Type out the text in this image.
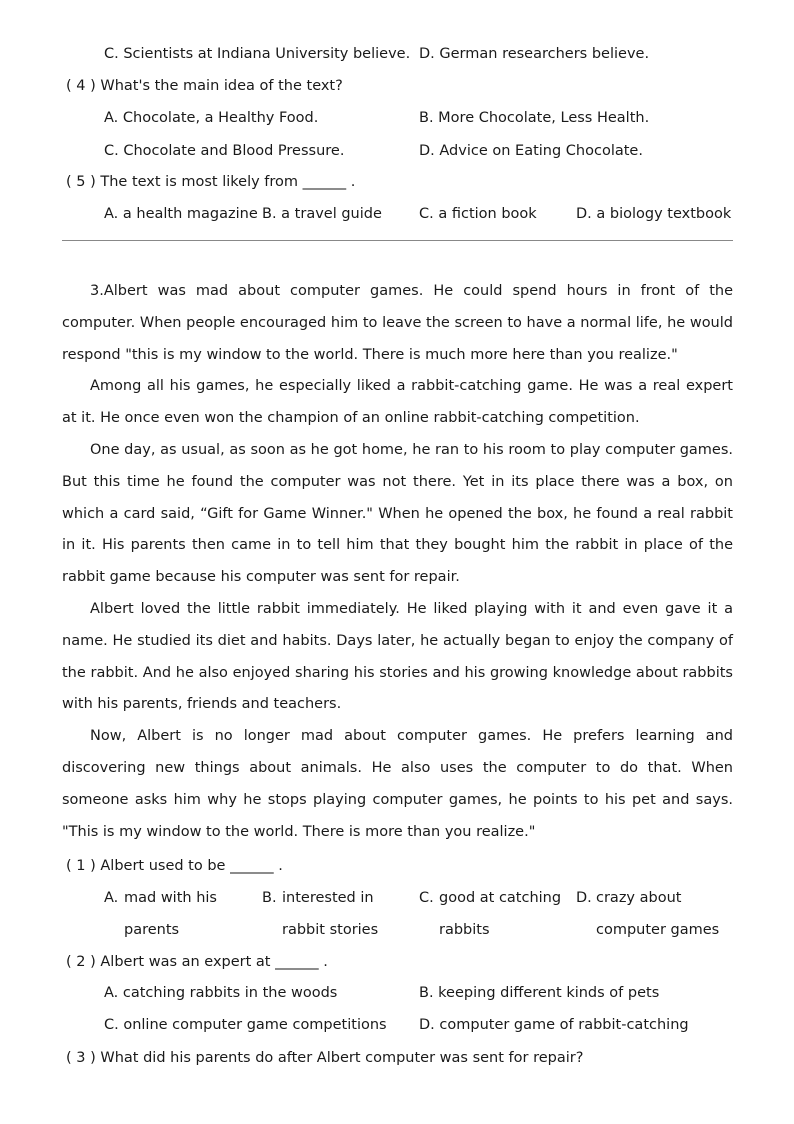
C. Scientists at Indiana University believe. D. German researchers believe.
( 4 ) What's the main idea of the text?
A. Chocolate, a Healthy Food.	B. More Chocolate, Less Health.
C. Chocolate and Blood Pressure.	D. Advice on Eating Chocolate.
( 5 ) The text is most likely from ______ .
A. a health magazine B. a travel guide	C. a fiction book	D. a biology textbook

3.Albert was mad about computer games. He could spend hours in front of the computer. When people encouraged him to leave the screen to have a normal life, he would respond "this is my window to the world. There is much more here than you realize."

Among all his games, he especially liked a rabbit-catching game. He was a real expert at it. He once even won the champion of an online rabbit-catching competition.

One day, as usual, as soon as he got home, he ran to his room to play computer games. But this time he found the computer was not there. Yet in its place there was a box, on which a card said, “Gift for Game Winner." When he opened the box, he found a real rabbit in it. His parents then came in to tell him that they bought him the rabbit in place of the rabbit game because his computer was sent for repair.

Albert loved the little rabbit immediately. He liked playing with it and even gave it a name. He studied its diet and habits. Days later, he actually began to enjoy the company of the rabbit. And he also enjoyed sharing his stories and his growing knowledge about rabbits with his parents, friends and teachers.

Now, Albert is no longer mad about computer games. He prefers learning and discovering new things about animals. He also uses the computer to do that. When someone asks him why he stops playing computer games, he points to his pet and says. "This is my window to the world. There is more than you realize."

( 1 ) Albert used to be ______ .
A. mad with his parents
B. interested in rabbit stories
C. good at catching rabbits
D. crazy about computer games
( 2 ) Albert was an expert at ______ .
A. catching rabbits in the woods	B. keeping different kinds of pets
C. online computer game competitions D. computer game of rabbit-catching
( 3 ) What did his parents do after Albert computer was sent for repair?
